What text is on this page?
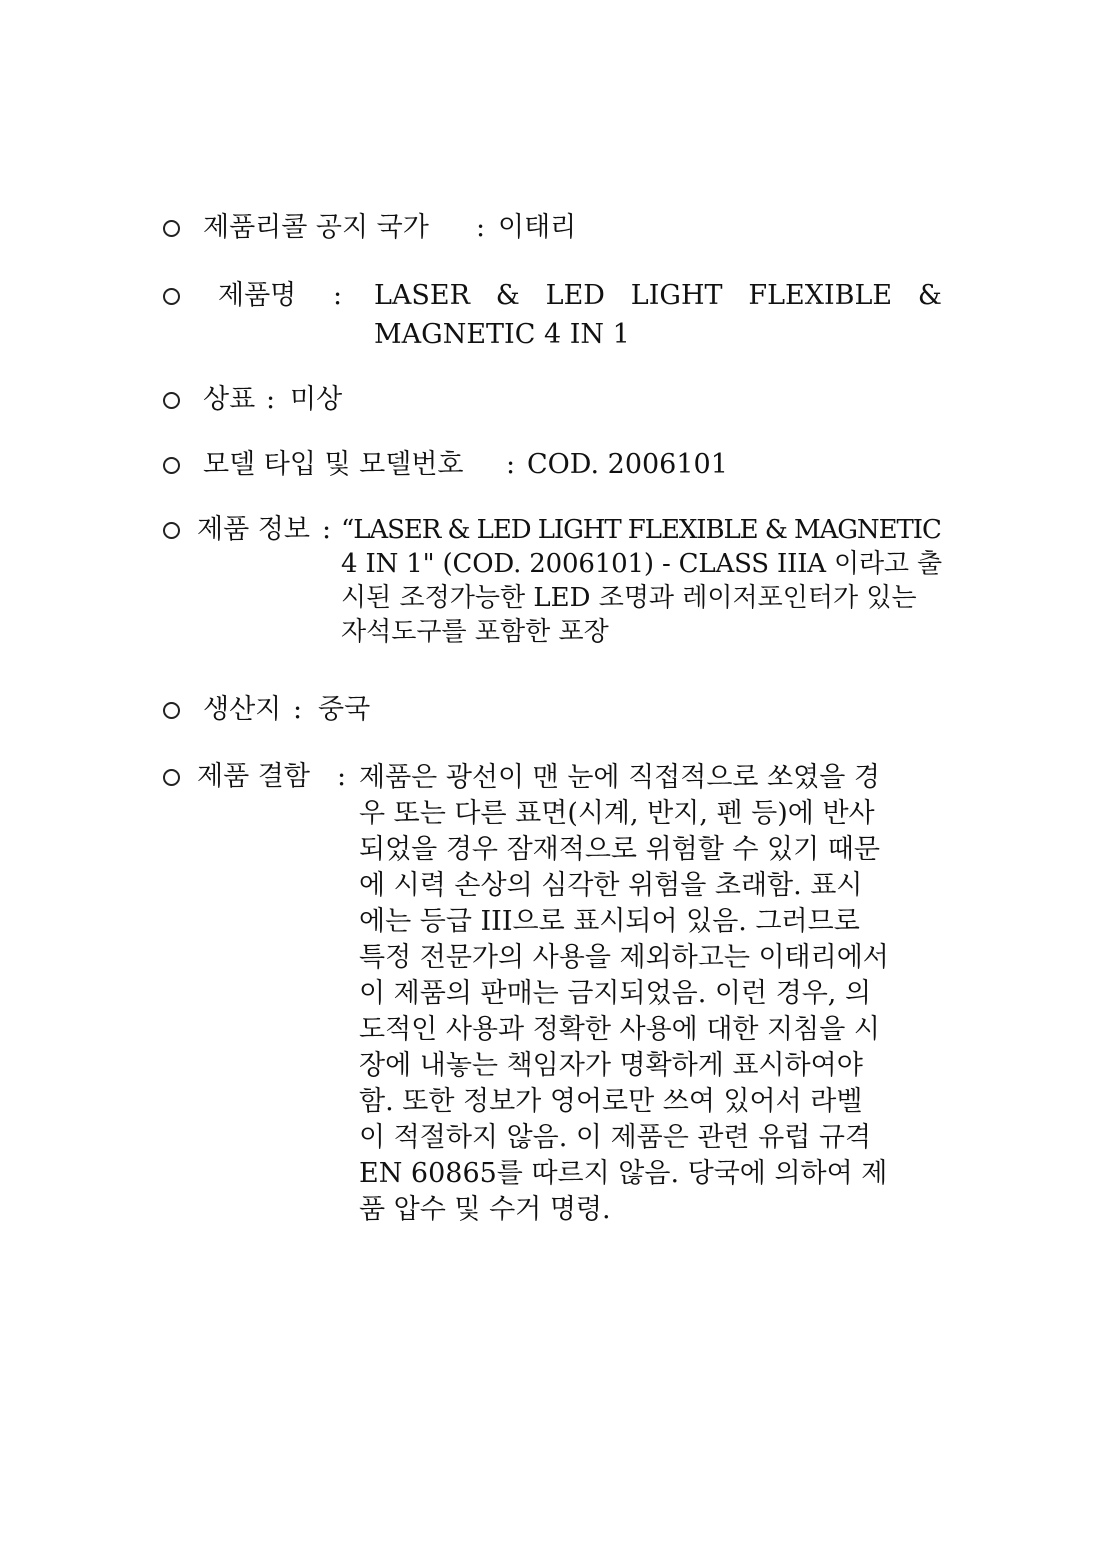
제품리콜 공지 국가 : 이태리
제품명 : LASER & LED LIGHT FLEXIBLE &
MAGNETIC 4 IN 1
상표 : 미상
모델 타입 및 모델번호 : COD. 2006101
제품 정보 : “LASER & LED LIGHT FLEXIBLE & MAGNETIC
4 IN 1" (COD. 2006101) - CLASS IIIA 이라고 출
시된 조정가능한 LED 조명과 레이저포인터가 있는
자석도구를 포함한 포장
생산지 : 중국
제품 결함 : 제품은 광선이 맨 눈에 직접적으로 쏘였을 경
우 또는 다른 표면(시계, 반지, 펜 등)에 반사
되었을 경우 잠재적으로 위험할 수 있기 때문
에 시력 손상의 심각한 위험을 초래함. 표시
에는 등급 III으로 표시되어 있음. 그러므로
특정 전문가의 사용을 제외하고는 이태리에서
이 제품의 판매는 금지되었음. 이런 경우, 의
도적인 사용과 정확한 사용에 대한 지침을 시
장에 내놓는 책임자가 명확하게 표시하여야
함. 또한 정보가 영어로만 쓰여 있어서 라벨
이 적절하지 않음. 이 제품은 관련 유럽 규격
EN 60865를 따르지 않음. 당국에 의하여 제
품 압수 및 수거 명령.
